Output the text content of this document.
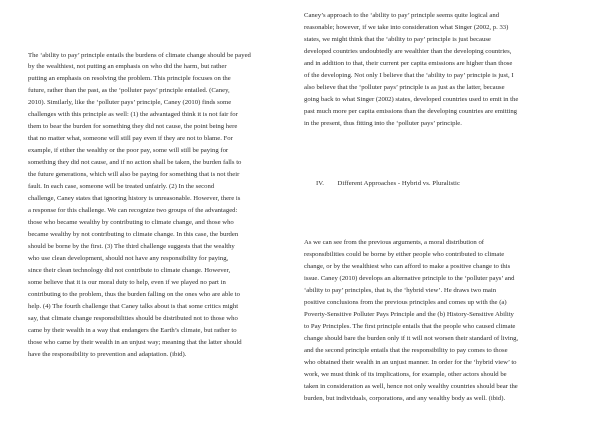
The ‘ability to pay’ principle entails the burdens of climate change should be payed
by the wealthiest, not putting an emphasis on who did the harm, but rather
putting an emphasis on resolving the problem. This principle focuses on the
future, rather than the past, as the ‘polluter pays’ principle entailed. (Caney,
2010). Similarly, like the ‘polluter pays’ principle, Caney (2010) finds some
challenges with this principle as well: (1) the advantaged think it is not fair for
them to bear the burden for something they did not cause, the point being here
that no matter what, someone will still pay even if they are not to blame. For
example, if either the wealthy or the poor pay, some will still be paying for
something they did not cause, and if no action shall be taken, the burden falls to
the future generations, which will also be paying for something that is not their
fault. In each case, someone will be treated unfairly. (2) In the second
challenge, Caney states that ignoring history is unreasonable. However, there is
a response for this challenge. We can recognize two groups of the advantaged:
those who became wealthy by contributing to climate change, and those who
became wealthy by not contributing to climate change. In this case, the burden
should be borne by the first. (3) The third challenge suggests that the wealthy
who use clean development, should not have any responsibility for paying,
since their clean technology did not contribute to climate change. However,
some believe that it is our moral duty to help, even if we played no part in
contributing to the problem, thus the burden falling on the ones who are able to
help. (4) The fourth challenge that Caney talks about is that some critics might
say, that climate change responsibilities should be distributed not to those who
came by their wealth in a way that endangers the Earth’s climate, but rather to
those who came by their wealth in an unjust way; meaning that the latter should
have the responsibility to prevention and adaptation. (ibid).
Caney’s approach to the ‘ability to pay’ principle seems quite logical and
reasonable; however, if we take into consideration what Singer (2002, p. 33)
states, we might think that the ‘ability to pay’ principle is just because
developed countries undoubtedly are wealthier than the developing countries,
and in addition to that, their current per capita emissions are higher than those
of the developing. Not only I believe that the ‘ability to pay’ principle is just, I
also believe that the ‘polluter pays’ principle is as just as the latter, because
going back to what Singer (2002) states, developed countries used to emit in the
past much more per capita emissions than the developing countries are emitting
in the present, thus fitting into the ‘polluter pays’ principle.
IV.  Different Approaches - Hybrid vs. Pluralistic
As we can see from the previous arguments, a moral distribution of
responsibilities could be borne by either people who contributed to climate
change, or by the wealthiest who can afford to make a positive change to this
issue. Caney (2010) develops an alternative principle to the ‘polluter pays’ and
‘ability to pay’ principles, that is, the ‘hybrid view’. He draws two main
positive conclusions from the previous principles and comes up with the (a)
Poverty-Sensitive Polluter Pays Principle and the (b) History-Sensitive Ability
to Pay Principles. The first principle entails that the people who caused climate
change should bare the burden only if it will not worsen their standard of living,
and the second principle entails that the responsibility to pay comes to those
who obtained their wealth in an unjust manner. In order for the ‘hybrid view’ to
work, we must think of its implications, for example, other actors should be
taken in consideration as well, hence not only wealthy countries should bear the
burden, but individuals, corporations, and any wealthy body as well. (ibid).
